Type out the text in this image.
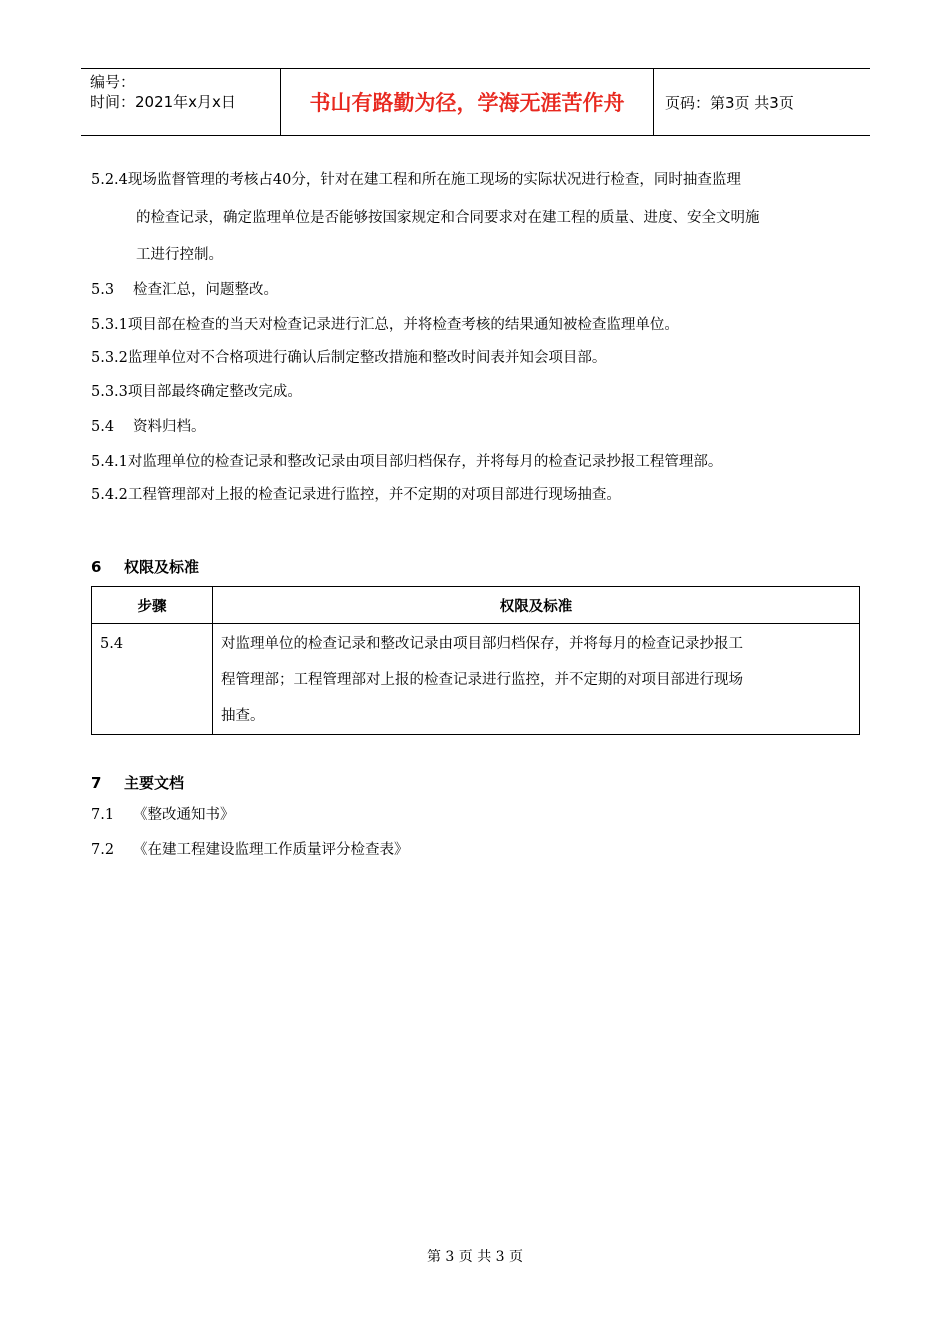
编号：
时间：2021年x月x日	书山有路勤为径，学海无涯苦作舟	页码：第3页 共3页
5.2.4现场监督管理的考核占40分，针对在建工程和所在施工现场的实际状况进行检查，同时抽查监理
的检查记录，确定监理单位是否能够按国家规定和合同要求对在建工程的质量、进度、安全文明施
工进行控制。
5.3 检查汇总，问题整改。
5.3.1项目部在检查的当天对检查记录进行汇总，并将检查考核的结果通知被检查监理单位。
5.3.2监理单位对不合格项进行确认后制定整改措施和整改时间表并知会项目部。
5.3.3项目部最终确定整改完成。
5.4 资料归档。
5.4.1对监理单位的检查记录和整改记录由项目部归档保存，并将每月的检查记录抄报工程管理部。
5.4.2工程管理部对上报的检查记录进行监控，并不定期的对项目部进行现场抽查。
6 权限及标准
步骤	权限及标准
5.4	对监理单位的检查记录和整改记录由项目部归档保存，并将每月的检查记录抄报工
程管理部；工程管理部对上报的检查记录进行监控，并不定期的对项目部进行现场
抽查。
7 主要文档
7.1 《整改通知书》
7.2 《在建工程建设监理工作质量评分检查表》
第 3 页 共 3 页
